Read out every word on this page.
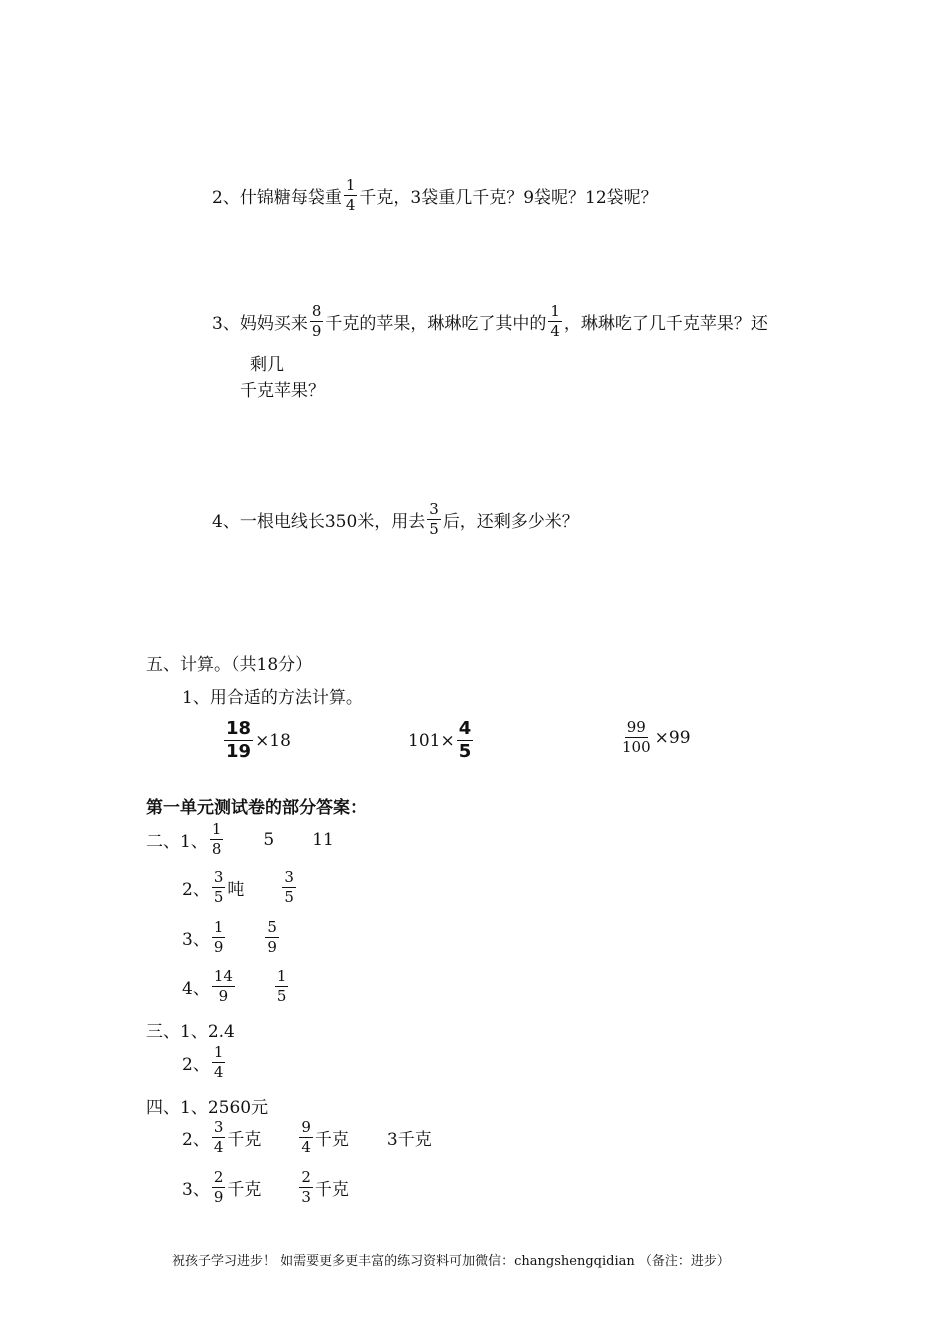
2、什锦糖每袋重 $\frac{1}{4}$ 千克，3袋重几千克？9袋呢？12袋呢？
3、妈妈买来 $\frac{8}{9}$ 千克的苹果，琳琳吃了其中的 $\frac{1}{4}$ ，琳琳吃了几千克苹果？还
剩几
千克苹果？
4、一根电线长350米，用去 $\frac{3}{5}$ 后，还剩多少米？
五、计算。（共18分）
1、用合适的方法计算。
$\frac{18}{19} \times 18$	$101\times \frac{4}{5}$	$\frac{99}{100} \times 99$
第一单元测试卷的部分答案：
二、1、 $\frac{1}{8} 5$ 11
2、 $\frac{3}{5}$ 吨	$\frac{3}{5}$
3、 $\frac{1}{9}$	$\frac{5}{9}$
4、 $\frac{14}{9}$	$\frac{1}{5}$
三、1、2.4
2、 $\frac{1}{4}$
四、1、2560元
2、 $\frac{3}{4}$ 千克	$\frac{9}{4}$ 千克 3千克
3、 $\frac{2}{9}$ 千克	$\frac{2}{3}$ 千克
祝孩子学习进步！ 如需要更多更丰富的练习资料可加微信：changshengqidian （备注：进步）
